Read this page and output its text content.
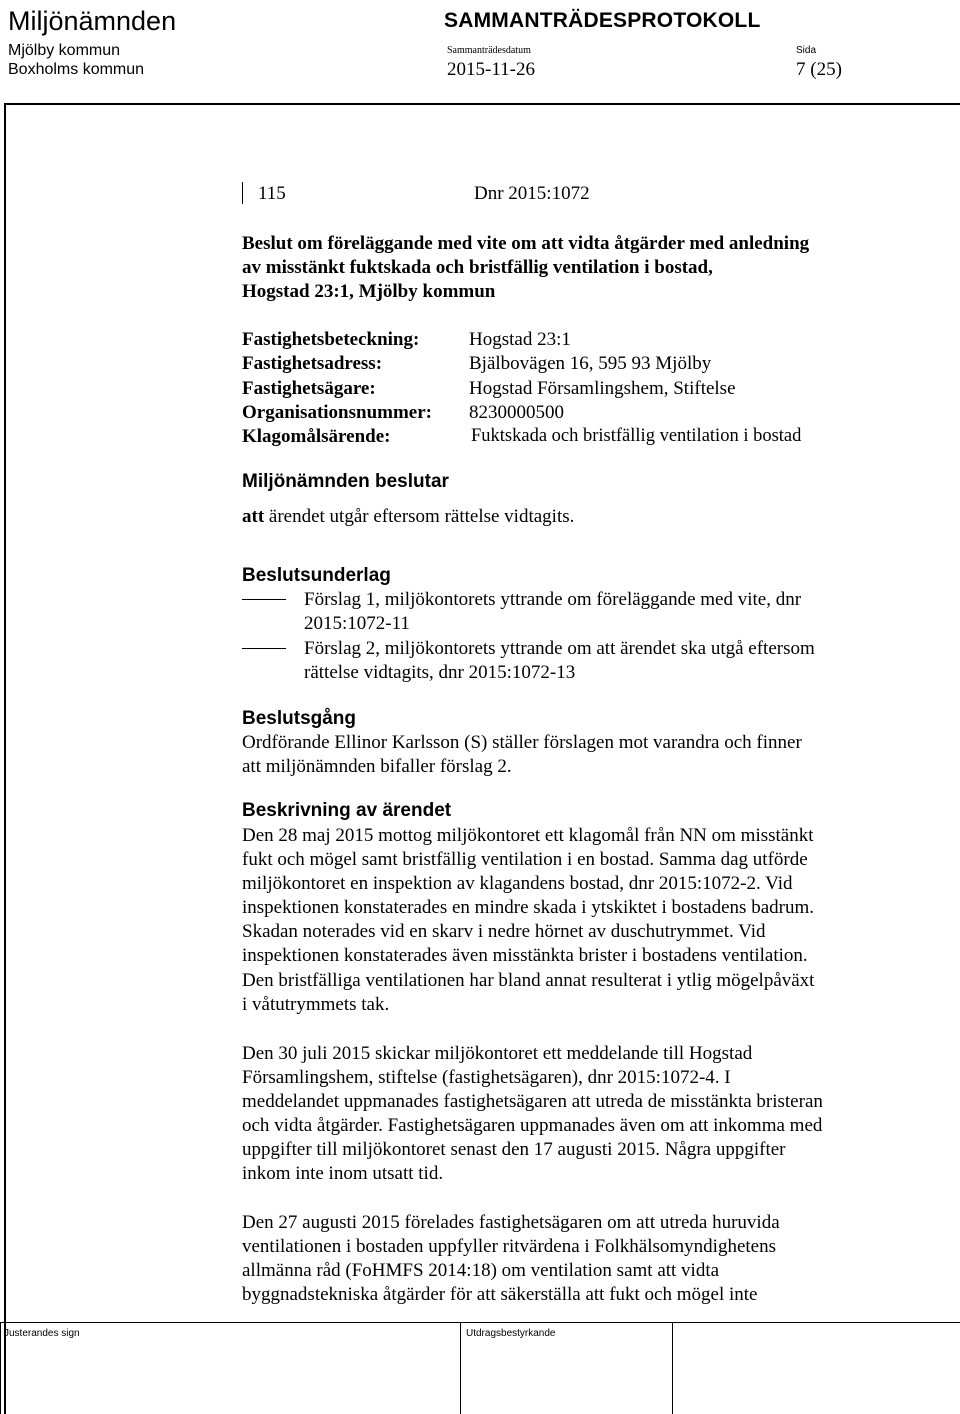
Miljönämnden	SAMMANTRÄDESPROTOKOLL
Mjölby kommun
Boxholms kommun
Sammanträdesdatum
2015-11-26
Sida
7 (25)
115	Dnr 2015:1072
Beslut om föreläggande med vite om att vidta åtgärder med anledning
av misstänkt fuktskada och bristfällig ventilation i bostad,
Hogstad 23:1, Mjölby kommun
Fastighetsbeteckning:	Hogstad 23:1
Fastighetsadress:	Bjälbovägen 16, 595 93 Mjölby
Fastighetsägare:	Hogstad Församlingshem, Stiftelse
Organisationsnummer: 8230000500
Klagomålsärende:	Fuktskada och bristfällig ventilation i bostad
Miljönämnden beslutar
att ärendet utgår eftersom rättelse vidtagits.
Beslutsunderlag
Förslag 1, miljökontorets yttrande om föreläggande med vite, dnr
2015:1072-11
Förslag 2, miljökontorets yttrande om att ärendet ska utgå eftersom
rättelse vidtagits, dnr 2015:1072-13
Beslutsgång
Ordförande Ellinor Karlsson (S) ställer förslagen mot varandra och finner
att miljönämnden bifaller förslag 2.
Beskrivning av ärendet
Den 28 maj 2015 mottog miljökontoret ett klagomål från NN om misstänkt
fukt och mögel samt bristfällig ventilation i en bostad. Samma dag utförde
miljökontoret en inspektion av klagandens bostad, dnr 2015:1072-2. Vid
inspektionen konstaterades en mindre skada i ytskiktet i bostadens badrum.
Skadan noterades vid en skarv i nedre hörnet av duschutrymmet. Vid
inspektionen konstaterades även misstänkta brister i bostadens ventilation.
Den bristfälliga ventilationen har bland annat resulterat i ytlig mögelpåväxt
i våtutrymmets tak.
Den 30 juli 2015 skickar miljökontoret ett meddelande till Hogstad
Församlingshem, stiftelse (fastighetsägaren), dnr 2015:1072-4. I
meddelandet uppmanades fastighetsägaren att utreda de misstänkta bristeran
och vidta åtgärder. Fastighetsägaren uppmanades även om att inkomma med
uppgifter till miljökontoret senast den 17 augusti 2015. Några uppgifter
inkom inte inom utsatt tid.
Den 27 augusti 2015 förelades fastighetsägaren om att utreda huruvida
ventilationen i bostaden uppfyller ritvärdena i Folkhälsomyndighetens
allmänna råd (FoHMFS 2014:18) om ventilation samt att vidta
byggnadstekniska åtgärder för att säkerställa att fukt och mögel inte
Justerandes sign	Utdragsbestyrkande
